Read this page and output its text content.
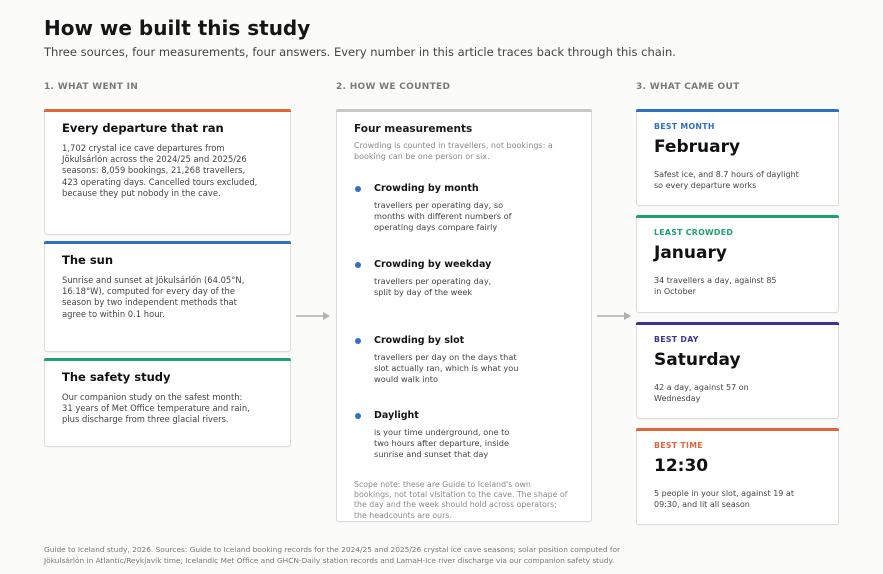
How we built this study
Three sources, four measurements, four answers. Every number in this article traces back through this chain.
1. WHAT WENT IN	2. HOW WE COUNTED	3. WHAT CAME OUT
Every departure that ran

1,702 crystal ice cave departures from Jökulsárlón across the 2024/25 and 2025/26 seasons: 8,059 bookings, 21,268 travellers, 423 operating days. Cancelled tours excluded, because they put nobody in the cave.

The sun

Sunrise and sunset at Jökulsárlón (64.05°N, 16.18°W), computed for every day of the season by two independent methods that agree to within 0.1 hour.

The safety study

Our companion study on the safest month: 31 years of Met Office temperature and rain, plus discharge from three glacial rivers.

Four measurements
Crowding is counted in travellers, not bookings: a booking can be one person or six.
Crowding by month
travellers per operating day, so months with different numbers of operating days compare fairly
Crowding by weekday
travellers per operating day, split by day of the week
Crowding by slot
travellers per day on the days that slot actually ran, which is what you would walk into
Daylight
is your time underground, one to two hours after departure, inside sunrise and sunset that day
Scope note: these are Guide to Iceland's own bookings, not total visitation to the cave. The shape of the day and the week should hold across operators; the headcounts are ours.
BEST MONTH
February
Safest ice, and 8.7 hours of daylight so every departure works
LEAST CROWDED
January
34 travellers a day, against 85 in October
BEST DAY
Saturday
42 a day, against 57 on Wednesday
BEST TIME
12:30
5 people in your slot, against 19 at 09:30, and lit all season
Guide to Iceland study, 2026. Sources: Guide to Iceland booking records for the 2024/25 and 2025/26 crystal ice cave seasons; solar position computed for Jökulsárlón in Atlantic/Reykjavík time; Icelandic Met Office and GHCN-Daily station records and LamaH-Ice river discharge via our companion safety study.
